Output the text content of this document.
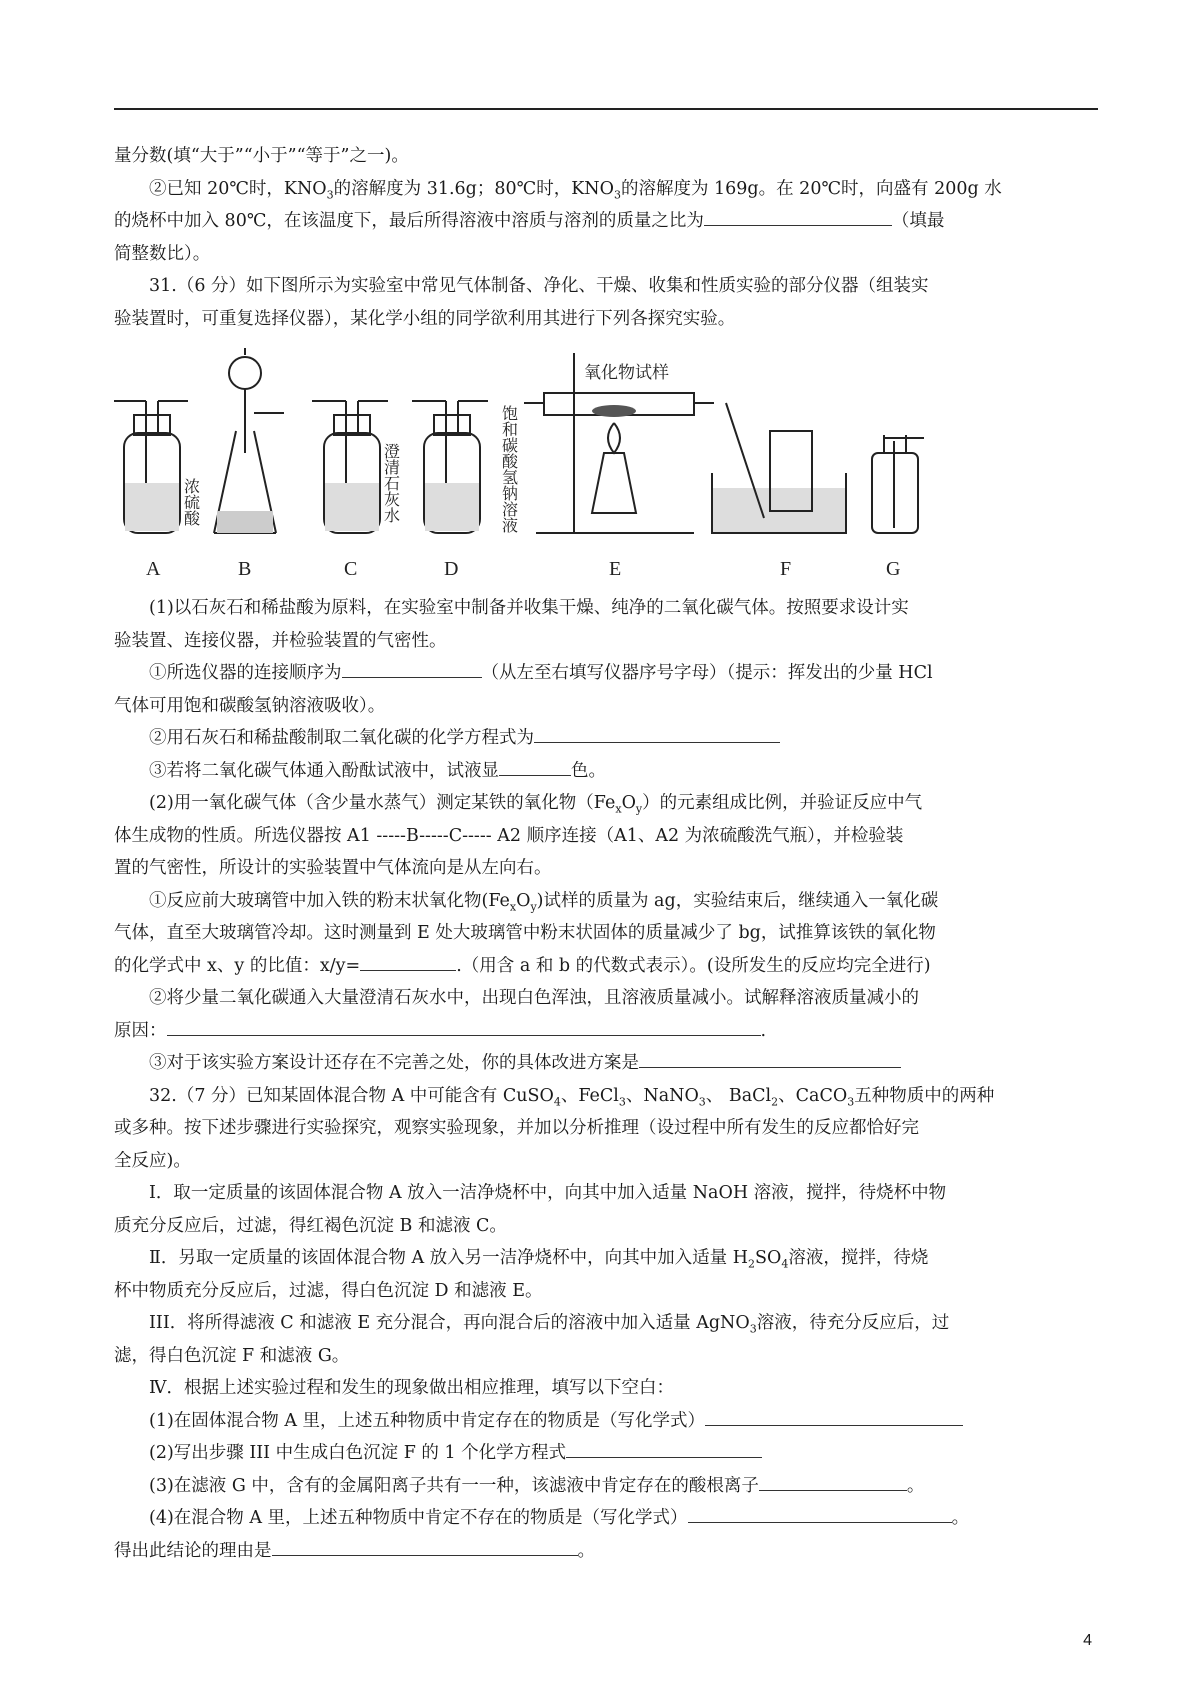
量分数(填“大于”“小于”“等于”之一)。

②已知 20℃时，$KNO_3$的溶解度为 31.6g；80℃时，$KNO_3$的溶解度为 169g。在 20℃时，向盛有 200g 水

的烧杯中加入 80℃，在该温度下，最后所得溶液中溶质与溶剂的质量之比为	（填最

简整数比）。

31.（6 分）如下图所示为实验室中常见气体制备、净化、干燥、收集和性质实验的部分仪器（组装实

验装置时，可重复选择仪器），某化学小组的同学欲利用其进行下列各探究实验。

浓硫酸	澄清石灰水	饱和碳酸氢钠溶液
氧化物试样
A	B	C	D	E	F	G

(1)以石灰石和稀盐酸为原料，在实验室中制备并收集干燥、纯净的二氧化碳气体。按照要求设计实

验装置、连接仪器，并检验装置的气密性。

①所选仪器的连接顺序为	（从左至右填写仪器序号字母）（提示：挥发出的少量 HCl

气体可用饱和碳酸氢钠溶液吸收）。

②用石灰石和稀盐酸制取二氧化碳的化学方程式为

③若将二氧化碳气体通入酚酞试液中，试液显	色。

(2)用一氧化碳气体（含少量水蒸气）测定某铁的氧化物$(Fe_xO_y)$的元素组成比例，并验证反应中气

体生成物的性质。所选仪器按 A1 -----B-----C----- A2 顺序连接（A1、A2 为浓硫酸洗气瓶），并检验装

置的气密性，所设计的实验装置中气体流向是从左向右。

①反应前大玻璃管中加入铁的粉末状氧化物$(Fe_xO_y)$试样的质量为 ag，实验结束后，继续通入一氧化碳

气体，直至大玻璃管冷却。这时测量到 E 处大玻璃管中粉末状固体的质量减少了 bg，试推算该铁的氧化物

的化学式中 x、y 的比值：x/y=	.（用含 a 和 b 的代数式表示）。(设所发生的反应均完全进行)

②将少量二氧化碳通入大量澄清石灰水中，出现白色浑浊，且溶液质量减小。试解释溶液质量减小的

原因：	.

③对于该实验方案设计还存在不完善之处，你的具体改进方案是

32.（7 分）已知某固体混合物 A 中可能含有 CuSO$_4$、FeCl$_3$、NaNO$_3$、 BaCl$_2$、CaCO$_3$五种物质中的两种

或多种。按下述步骤进行实验探究，观察实验现象，并加以分析推理（设过程中所有发生的反应都恰好完

全反应)。

I．取一定质量的该固体混合物 A 放入一洁净烧杯中，向其中加入适量 NaOH 溶液，搅拌，待烧杯中物

质充分反应后，过滤，得红褐色沉淀 B 和滤液 C。

Ⅱ．另取一定质量的该固体混合物 A 放入另一洁净烧杯中，向其中加入适量 $H_2SO_4$溶液，搅拌，待烧

杯中物质充分反应后，过滤，得白色沉淀 D 和滤液 E。

III．将所得滤液 C 和滤液 E 充分混合，再向混合后的溶液中加入适量 AgNO$_3$溶液，待充分反应后，过

滤，得白色沉淀 F 和滤液 G。

Ⅳ．根据上述实验过程和发生的现象做出相应推理，填写以下空白：

(1)在固体混合物 A 里，上述五种物质中肯定存在的物质是（写化学式）

(2)写出步骤 III 中生成白色沉淀 F 的 1 个化学方程式

(3)在滤液 G 中，含有的金属阳离子共有一一种，该滤液中肯定存在的酸根离子	。

(4)在混合物 A 里，上述五种物质中肯定不存在的物质是（写化学式）	。

得出此结论的理由是	。

4
